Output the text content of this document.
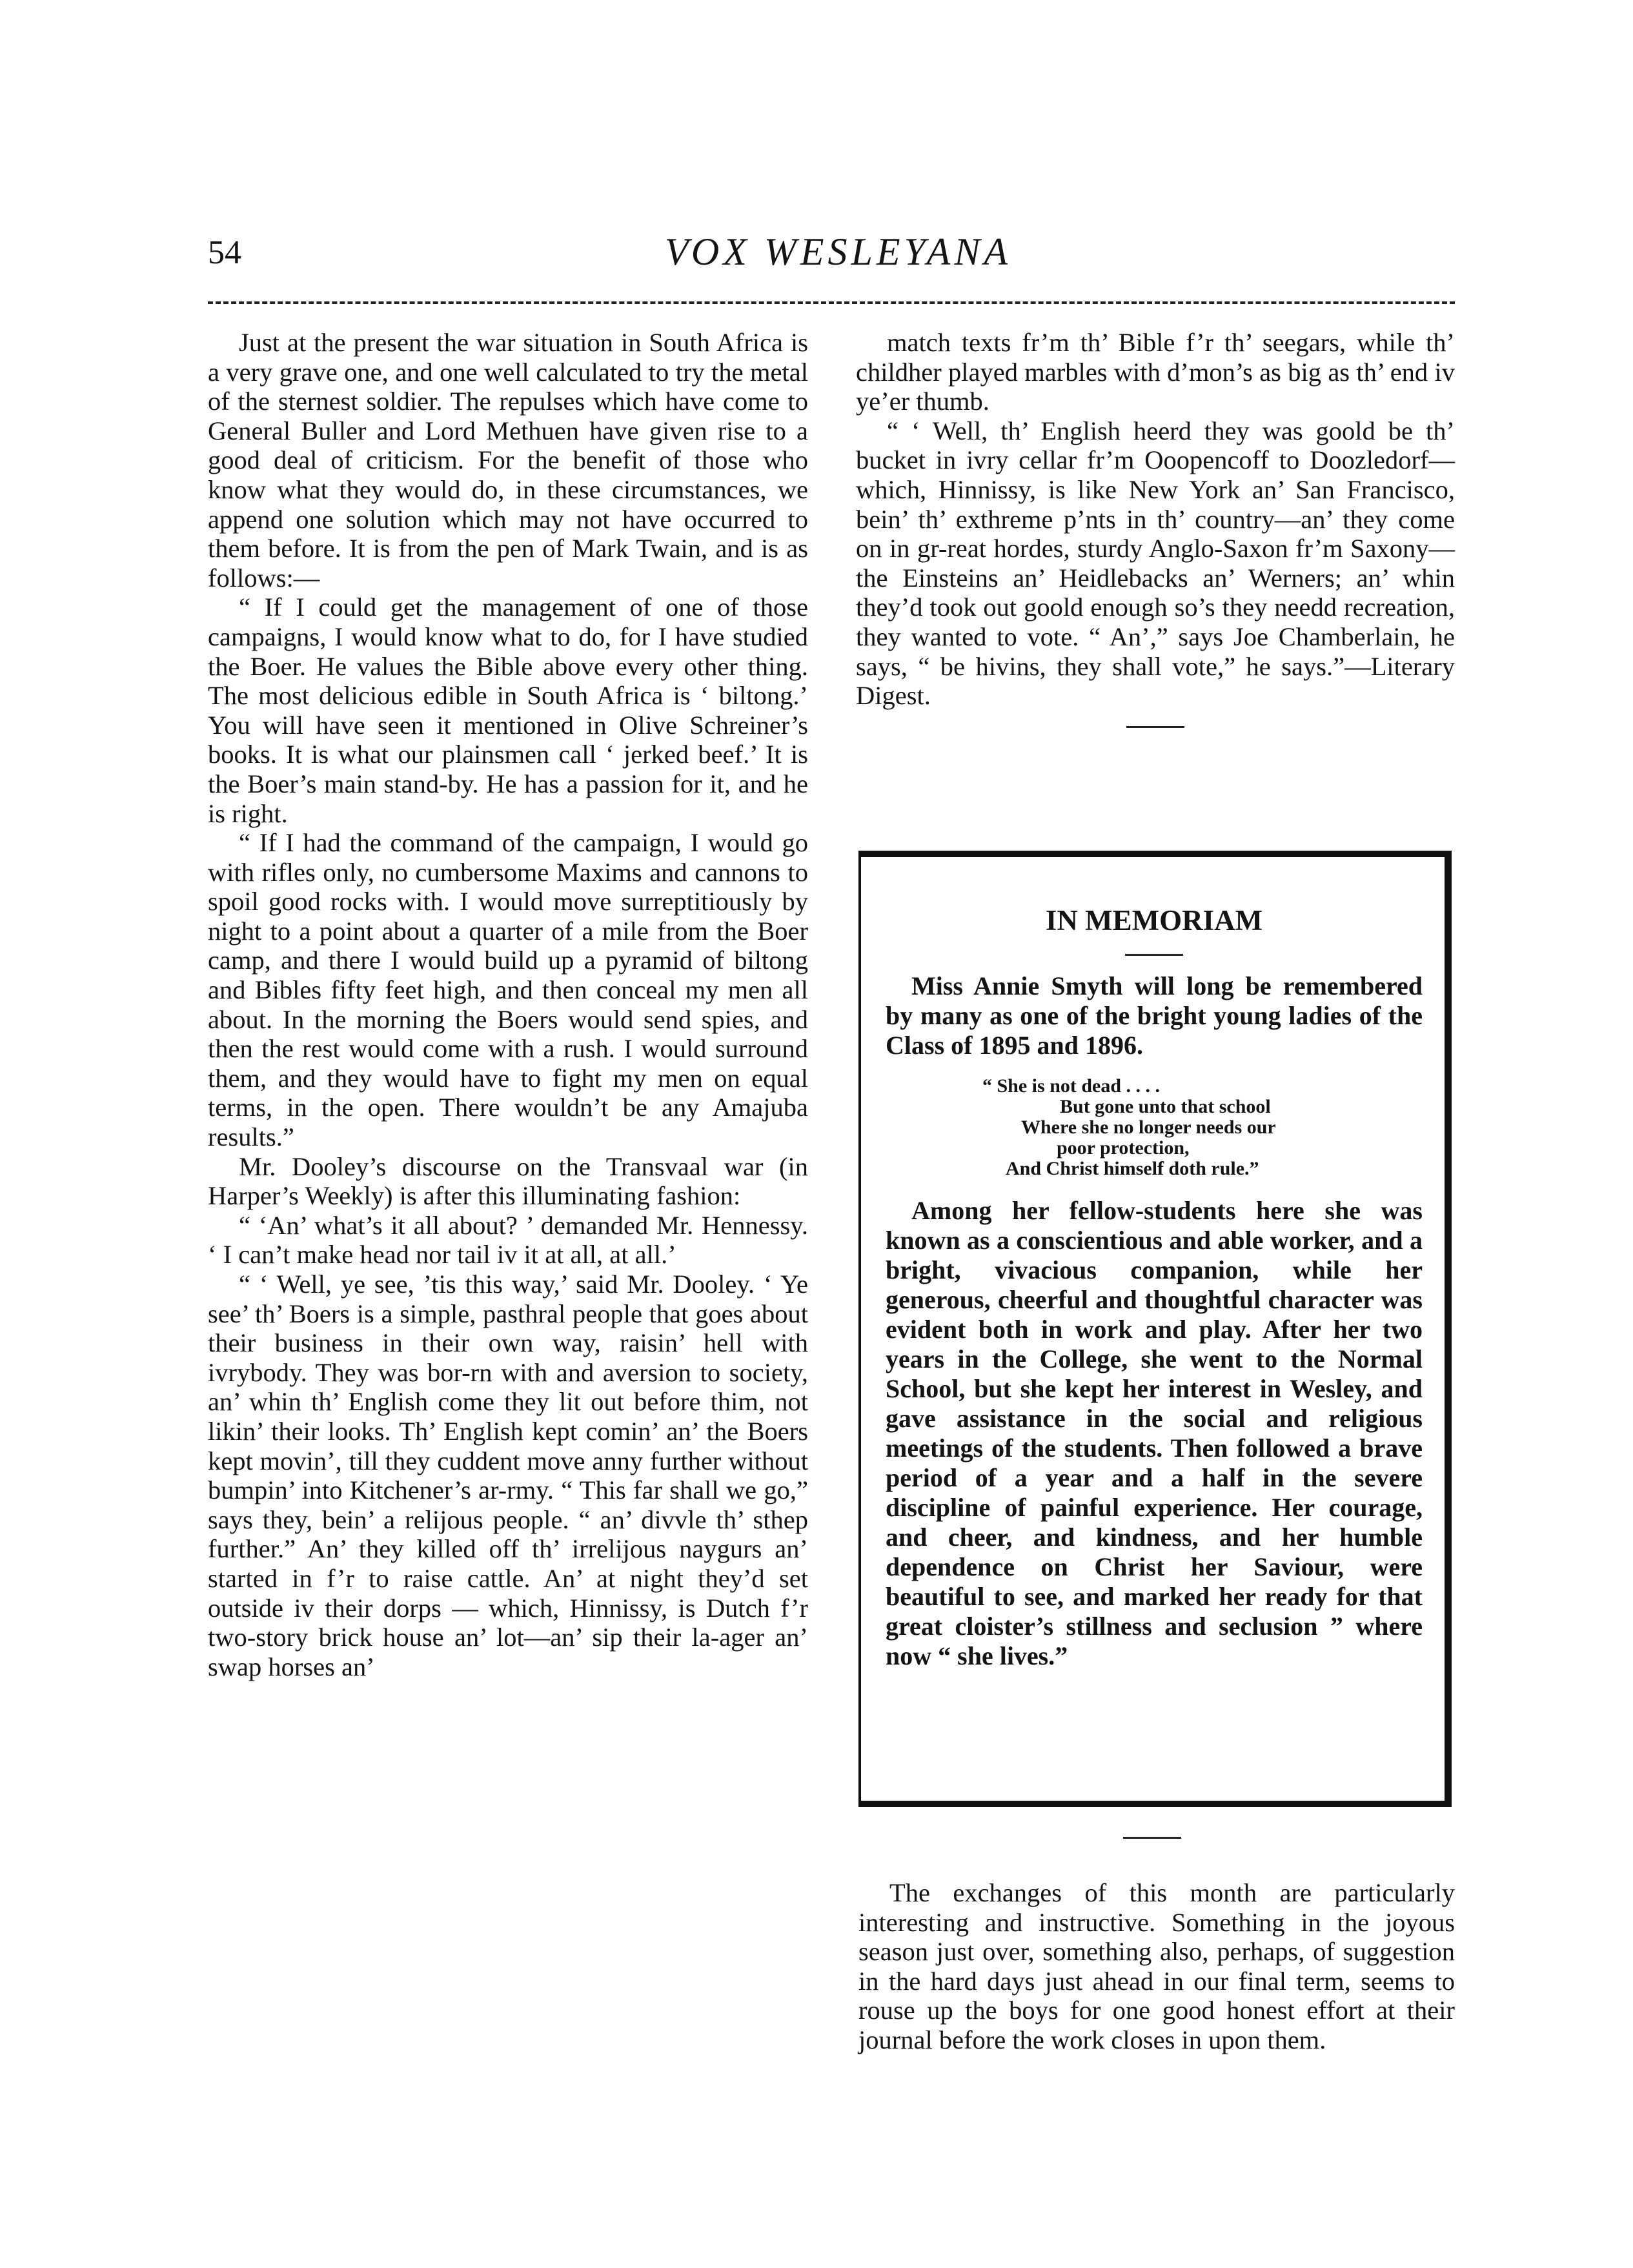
54	VOX WESLEYANA

Just at the present the war situation in South Africa is a very grave one, and one well calculated to try the metal of the sternest soldier. The repulses which have come to General Buller and Lord Methuen have given rise to a good deal of criticism. For the benefit of those who know what they would do, in these circumstances, we append one solution which may not have occurred to them before. It is from the pen of Mark Twain, and is as follows:—

“ If I could get the management of one of those campaigns, I would know what to do, for I have studied the Boer. He values the Bible above every other thing. The most delicious edible in South Africa is ‘ biltong.’ You will have seen it mentioned in Olive Schreiner’s books. It is what our plainsmen call ‘ jerked beef.’ It is the Boer’s main stand-by. He has a passion for it, and he is right.

“ If I had the command of the campaign, I would go with rifles only, no cumbersome Maxims and cannons to spoil good rocks with. I would move surreptitiously by night to a point about a quarter of a mile from the Boer camp, and there I would build up a pyramid of biltong and Bibles fifty feet high, and then conceal my men all about. In the morning the Boers would send spies, and then the rest would come with a rush. I would surround them, and they would have to fight my men on equal terms, in the open. There wouldn’t be any Amajuba results.”

Mr. Dooley’s discourse on the Transvaal war (in Harper’s Weekly) is after this illuminating fashion:

“ ‘An’ what’s it all about? ’ demanded Mr. Hennessy. ‘ I can’t make head nor tail iv it at all, at all.’

“ ‘ Well, ye see, ’tis this way,’ said Mr. Dooley. ‘ Ye see’ th’ Boers is a simple, pasthral people that goes about their business in their own way, raisin’ hell with ivrybody. They was bor-rn with and aversion to society, an’ whin th’ English come they lit out before thim, not likin’ their looks. Th’ English kept comin’ an’ the Boers kept movin’, till they cuddent move anny further without bumpin’ into Kitchener’s ar-rmy. “ This far shall we go,” says they, bein’ a relijous people. “ an’ divvle th’ sthep further.” An’ they killed off th’ irrelijous naygurs an’ started in f’r to raise cattle. An’ at night they’d set outside iv their dorps — which, Hinnissy, is Dutch f’r two-story brick house an’ lot—an’ sip their la-ager an’ swap horses an’

match texts fr’m th’ Bible f’r th’ seegars, while th’ childher played marbles with d’mon’s as big as th’ end iv ye’er thumb.

“ ‘ Well, th’ English heerd they was goold be th’ bucket in ivry cellar fr’m Ooopencoff to Doozledorf—which, Hinnissy, is like New York an’ San Francisco, bein’ th’ exthreme p’nts in th’ country—an’ they come on in gr-reat hordes, sturdy Anglo-Saxon fr’m Saxony—the Einsteins an’ Heidlebacks an’ Werners; an’ whin they’d took out goold enough so’s they needd recreation, they wanted to vote. “ An’,” says Joe Chamberlain, he says, “ be hivins, they shall vote,” he says.”—Literary Digest.

IN MEMORIAM

Miss Annie Smyth will long be remembered by many as one of the bright young ladies of the Class of 1895 and 1896.

“ She is not dead . . . .
But gone unto that school
Where she no longer needs our
poor protection,
And Christ himself doth rule.”

Among her fellow-students here she was known as a conscientious and able worker, and a bright, vivacious companion, while her generous, cheerful and thoughtful character was evident both in work and play. After her two years in the College, she went to the Normal School, but she kept her interest in Wesley, and gave assistance in the social and religious meetings of the students. Then followed a brave period of a year and a half in the severe discipline of painful experience. Her courage, and cheer, and kindness, and her humble dependence on Christ her Saviour, were beautiful to see, and marked her ready for that great cloister’s stillness and seclusion ” where now “ she lives.”

The exchanges of this month are particularly interesting and instructive. Something in the joyous season just over, something also, perhaps, of suggestion in the hard days just ahead in our final term, seems to rouse up the boys for one good honest effort at their journal before the work closes in upon them.
